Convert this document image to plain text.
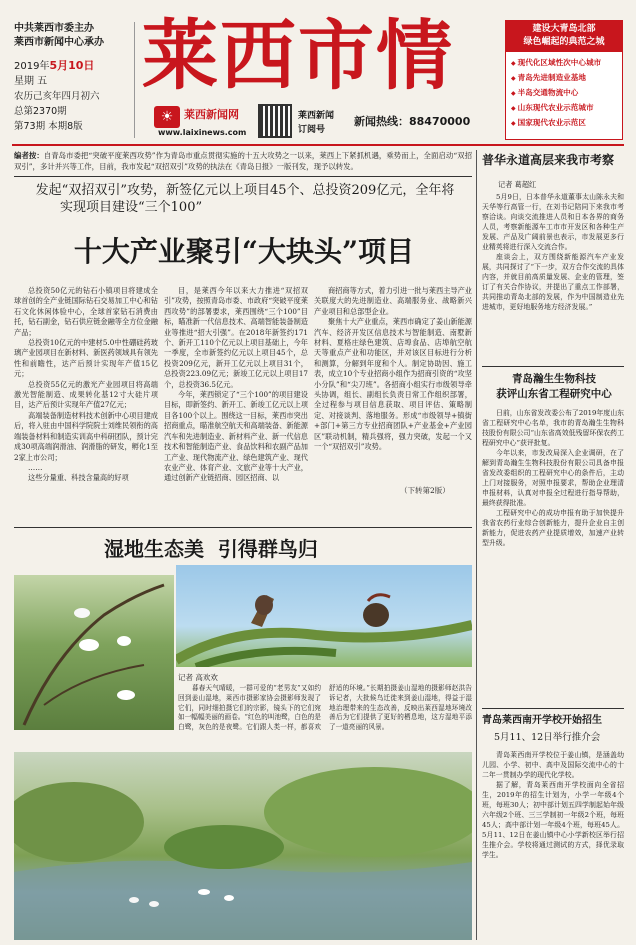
中共莱西市委主办
莱西市新闻中心承办
2019年5月10日
星期 五
农历己亥年四月初六
总第2370期
第73期 本期8版
莱西市情
☀ 莱西新闻网
www.laixinews.com
莱西新闻
订阅号
新闻热线：88470000
建设大青岛北部
绿色崛起的典范之城
◆ 现代化区域性次中心城市
◆ 青岛先进制造业基地
◆ 半岛交通物流中心
◆ 山东现代农业示范城市
◆ 国家现代农业示范区
编者按：自青岛市委把“突破平度莱西攻势”作为青岛市重点贯彻实施的十五大攻势之一以来，莱西上下紧抓机遇，乘势而上，全面启动“双招双引”，多计并兴等工作，目前，我市发起“双招双引”攻势的执法在《青岛日报》一版刊发，现予以转发。
发起“双招双引”攻势，新签亿元以上项目45个、总投资209亿元，全年将
实现项目建设“三个100”
十大产业聚引“大块头”项目

总投资50亿元的钻石小镇项目将建成全球首创的全产业链国际钻石交易加工中心和钻石文化休闲体验中心，全球首家钻石消费由托，钻石副金，钻石供应链金融等全方位金融产品；

总投资10亿元的中建材5.0中性硼硅药玻璃产业园项目在新材料、新医药领域具有领先性和前瞻性，达产后预计实现年产值15亿元；

总投资55亿元的激光产业园项目将高端激光智能制造、成果转化基12寸大硅片项目，达产后预计实现年产值27亿元；

高端装备制造材料技术创新中心项目建成后，将入驻由中国科学院院士刘维民领衔的高端装备材料和制造实训高中科研团队，预计完成30项高端润滑油、润滑脂的研发，孵化1至2家上市公司；

……

这些分量重、科技含量高的好项

目，是莱西今年以来大力推进“双招双引”攻势，按照青岛市委、市政府“突破平度莱西攻势”的部署要求，莱西围绕“三个100”目标，瞄准新一代信息技术、高端智能装备制造业等推进“招大引强”。在2018年新签约171个、新开工110个亿元以上项目基础上，今年一季度，全市新签约亿元以上项目45个，总投资209亿元，新开工亿元以上项目31个，总投资223.09亿元；新竣工亿元以上项目17个，总投资36.5亿元。

今年，莱西锁定了“三个100”的项目建设目标，即新签约、新开工、新竣工亿元以上项目各100个以上。围绕这一目标，莱西市突出招商重点，瞄准航空航天和高端装备、新能源汽车和先进制造业、新材料产业、新一代信息技术和智能制造产业、食品饮料和农副产品加工产业、现代物流产业、绿色建筑产业、现代农业产业、体育产业、文旅产业等十大产业，通过创新产业链招商、园区招商、以

商招商等方式，着力引进一批与莱西主导产业关联度大的先进制造业、高端服务业、战略新兴产业项目和总部型企业。

聚焦十大产业重点，莱西市确定了姜山新能源汽车、经济开发区信息技术与智能制造、南墅新材料、夏格庄绿色建筑、店埠食品、店埠航空航天等重点产业和功能区，并对该区目标进行分析和测算，分解到年度和个人。制定协助因、施工表，成立10个专业招商小组作为招商引资的“攻坚小分队”和“尖刀班”。各招商小组实行市级领导牵头协调，组长、副组长负责日常工作组织部署，全过程参与项目信息获取、项目评估、策略制定、对接谈判、落地服务。形成“市级领导+镇街+部门+第三方专业招商团队+产业基金+产业园区”联动机制，精兵强将，强力突破，发起一个又一个“双招双引”攻势。

（下转第2版）
湿地生态美  引得群鸟归
记者 高欢欢
暮春天气晴暖，一群可爱的“老男友”又如约回到姜山湿地，莱西市摄影家协会摄影师发现了它们，同时细拍摄它们的宗影，镜头下的它们宛如一幅幅美丽的画卷。“红色的叫池鹭，白色的是白鹭，灰色的是夜鹭。它们跟人类一样，都喜欢舒适的环境。”长期拍摄姜山湿地的摄影师赵洪告诉记者，大批候鸟迁徙来到姜山湿地，得益于湿地治理带来的生态改善，反映出莱西湿地环境改善后为它们提供了更好的栖息地，这方湿地平添了一道亮丽的风景。
普华永道高层来我市考察
记者 葛超红

5月9日，日本普华永道董事太山陈永夫和天华等行高管一行，在刘书记陪同下来我市考察洽谈。向谈交流推进人员和日本各界的商务人员，考察新能源车工市市开发区和各种生产发展、产品及广阔前景也表示，市发展更多行业精英将进行深入交流合作。

座谈会上，双方围绕新能源汽车产业发展，共同探讨了“下一步，双方合作交流的具体内容，并就目前高质量发展、企业的管理，签订了有关合作协议，并提出了重点工作部署，共同推动青岛北部的发展，作为中国制造业先进城市，更好地服务地方经济发展。”

青岛瀚生生物科技
获评山东省工程研究中心

日前，山东省发改委公布了2019年度山东省工程研究中心名单，我市的青岛瀚生生物科技股份有限公司“山东省高效低残留环保农药工程研究中心”获评批复。

今年以来，市发改局深入企业调研，在了解到青岛瀚生生物科技股份有限公司具备申报省发改委组织的工程研究中心的条件后，主动上门对接服务，对照申报要求，帮助企业理清申报材料，认真对申报全过程进行指导帮助，最终获得批准。

工程研究中心的成功申报有助于加快提升我省农药行业综合创新能力，提升企业自主创新能力，促进农药产业提质增效，加速产业转型升级。

青岛莱西南开学校开始招生
5月11、12日举行推介会

青岛莱西南开学校位于姜山镇，是涵盖幼儿园、小学、初中、高中及国际交流中心的十二年一贯制办学的现代化学校。

据了解，青岛莱西南开学校面向全省招生，2019年的招生计划为，小学一年级4个班，每班30人；初中部计划五四学制起始年级六年级2个班、三三学制初一年级2个班，每班45人；高中部计划一年级4个班，每班45人。5月11、12日在姜山镇中心小学新校区举行招生推介会。学校将通过测试的方式，择优录取学生。
